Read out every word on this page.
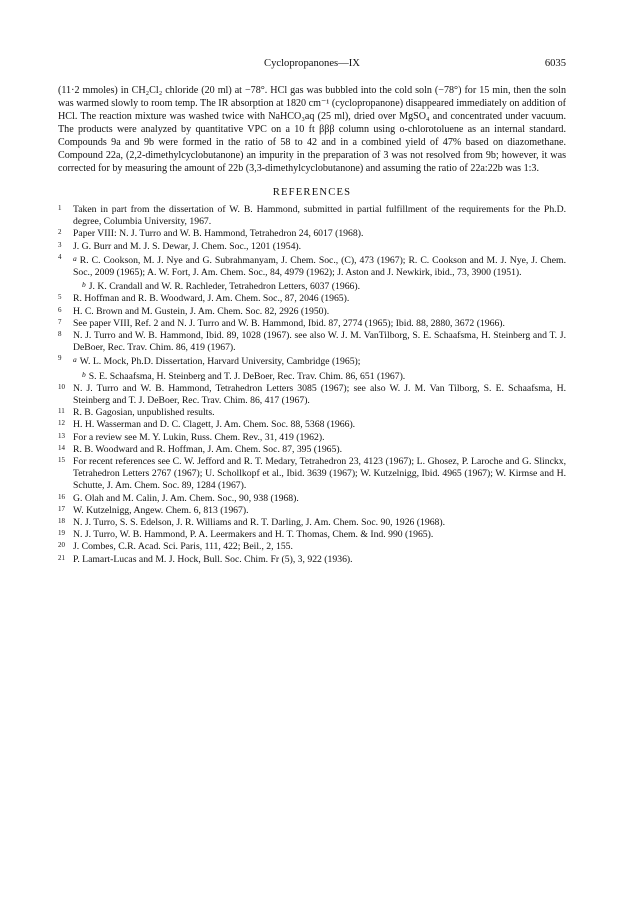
Cyclopropanones—IX	6035
(11·2 mmoles) in CH₂Cl₂ chloride (20 ml) at −78°. HCl gas was bubbled into the cold soln (−78°) for 15 min, then the soln was warmed slowly to room temp. The IR absorption at 1820 cm⁻¹ (cyclopropanone) disappeared immediately on addition of HCl. The reaction mixture was washed twice with NaHCO₃aq (25 ml), dried over MgSO₄ and concentrated under vacuum. The products were analyzed by quantitative VPC on a 10 ft βββ column using o-chlorotoluene as an internal standard. Compounds 9a and 9b were formed in the ratio of 58 to 42 and in a combined yield of 47% based on diazomethane. Compound 22a, (2,2-dimethylcyclobutanone) an impurity in the preparation of 3 was not resolved from 9b; however, it was corrected for by measuring the amount of 22b (3,3-dimethylcyclobutanone) and assuming the ratio of 22a:22b was 1:3.
REFERENCES
1 Taken in part from the dissertation of W. B. Hammond, submitted in partial fulfillment of the requirements for the Ph.D. degree, Columbia University, 1967.
2 Paper VIII: N. J. Turro and W. B. Hammond, Tetrahedron 24, 6017 (1968).
3 J. G. Burr and M. J. S. Dewar, J. Chem. Soc., 1201 (1954).
4 $^a$ R. C. Cookson, M. J. Nye and G. Subrahmanyam, J. Chem. Soc., (C), 473 (1967); R. C. Cookson and M. J. Nye, J. Chem. Soc., 2009 (1965); A. W. Fort, J. Am. Chem. Soc., 84, 4979 (1962); J. Aston and J. Newkirk, ibid., 73, 3900 (1951).
$^b$ J. K. Crandall and W. R. Rachleder, Tetrahedron Letters, 6037 (1966).
5 R. Hoffman and R. B. Woodward, J. Am. Chem. Soc., 87, 2046 (1965).
6 H. C. Brown and M. Gustein, J. Am. Chem. Soc. 82, 2926 (1950).
7 See paper VIII, Ref. 2 and N. J. Turro and W. B. Hammond, Ibid. 87, 2774 (1965); Ibid. 88, 2880, 3672 (1966).
8 N. J. Turro and W. B. Hammond, Ibid. 89, 1028 (1967). see also W. J. M. VanTilborg, S. E. Schaafsma, H. Steinberg and T. J. DeBoer, Rec. Trav. Chim. 86, 419 (1967).
9 $^a$ W. L. Mock, Ph.D. Dissertation, Harvard University, Cambridge (1965);
$^b$ S. E. Schaafsma, H. Steinberg and T. J. DeBoer, Rec. Trav. Chim. 86, 651 (1967).
10 N. J. Turro and W. B. Hammond, Tetrahedron Letters 3085 (1967); see also W. J. M. Van Tilborg, S. E. Schaafsma, H. Steinberg and T. J. DeBoer, Rec. Trav. Chim. 86, 417 (1967).
11 R. B. Gagosian, unpublished results.
12 H. H. Wasserman and D. C. Clagett, J. Am. Chem. Soc. 88, 5368 (1966).
13 For a review see M. Y. Lukin, Russ. Chem. Rev., 31, 419 (1962).
14 R. B. Woodward and R. Hoffman, J. Am. Chem. Soc. 87, 395 (1965).
15 For recent references see C. W. Jefford and R. T. Medary, Tetrahedron 23, 4123 (1967); L. Ghosez, P. Laroche and G. Slinckx, Tetrahedron Letters 2767 (1967); U. Schollkopf et al., Ibid. 3639 (1967); W. Kutzelnigg, Ibid. 4965 (1967); W. Kirmse and H. Schutte, J. Am. Chem. Soc. 89, 1284 (1967).
16 G. Olah and M. Calin, J. Am. Chem. Soc., 90, 938 (1968).
17 W. Kutzelnigg, Angew. Chem. 6, 813 (1967).
18 N. J. Turro, S. S. Edelson, J. R. Williams and R. T. Darling, J. Am. Chem. Soc. 90, 1926 (1968).
19 N. J. Turro, W. B. Hammond, P. A. Leermakers and H. T. Thomas, Chem. & Ind. 990 (1965).
20 J. Combes, C.R. Acad. Sci. Paris, 111, 422; Beil., 2, 155.
21 P. Lamart-Lucas and M. J. Hock, Bull. Soc. Chim. Fr (5), 3, 922 (1936).
